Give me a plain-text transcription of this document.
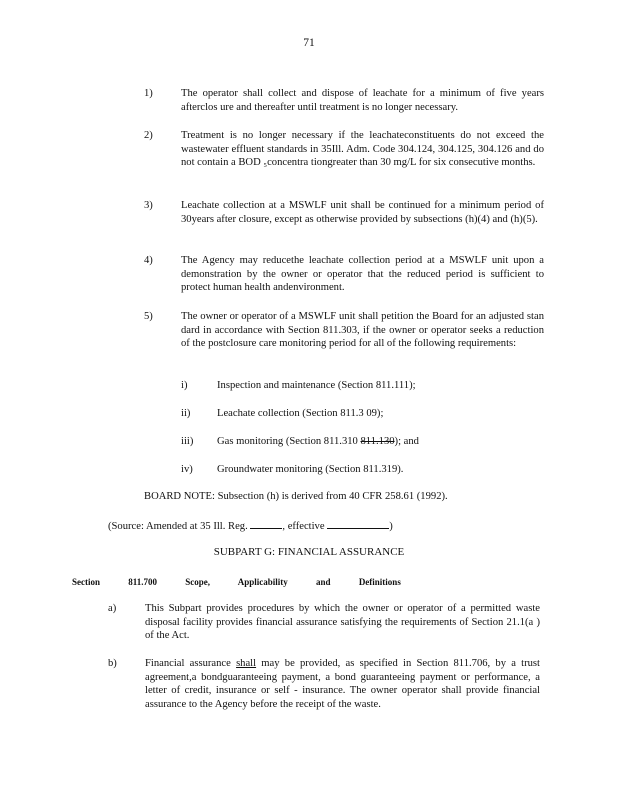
71
1)	The operator shall collect and dispose of leachate for a minimum of five years afterclos ure and thereafter until treatment is no longer necessary.
2)	Treatment is no longer necessary if the leachateconstituents do not exceed the wastewater effluent standards in 35Ill. Adm. Code 304.124, 304.125, 304.126 and do not contain a BOD ₅concentra tiongreater than 30 mg/L for six consecutive months.
3)	Leachate collection at a MSWLF unit shall be continued for a minimum period of 30years after closure, except as otherwise provided by subsections (h)(4) and (h)(5).
4)	The Agency may reducethe leachate collection period at a MSWLF unit upon a demonstration by the owner or operator that the reduced period is sufficient to protect human health andenvironment.
5)	The owner or operator of a MSWLF unit shall petition the Board for an adjusted stan dard in accordance with Section 811.303, if the owner or operator seeks a reduction of the postclosure care monitoring period for all of the following requirements:
i)	Inspection and maintenance (Section 811.111);
ii)	Leachate collection (Section 811.3 09);
iii) Gas monitoring (Section 811.310 811.130); and
iv) Groundwater monitoring (Section 811.319).
BOARD NOTE: Subsection (h) is derived from 40 CFR 258.61 (1992).
(Source: Amended at 35 Ill. Reg.	, effective	)
SUBPART G: FINANCIAL ASSURANCE
Section	811.700	Scope,	Applicability	and	Definitions
a)	This Subpart provides procedures by which the owner or operator of a permitted waste disposal facility provides financial assurance satisfying the requirements of Section 21.1(a ) of the Act.
b)	Financial assurance shall may be provided, as specified in Section 811.706, by a trust agreement,a bondguaranteeing payment, a bond guaranteeing payment or performance, a letter of credit, insurance or self - insurance. The owner operator shall provide financial assurance to the Agency before the receipt of the waste.
